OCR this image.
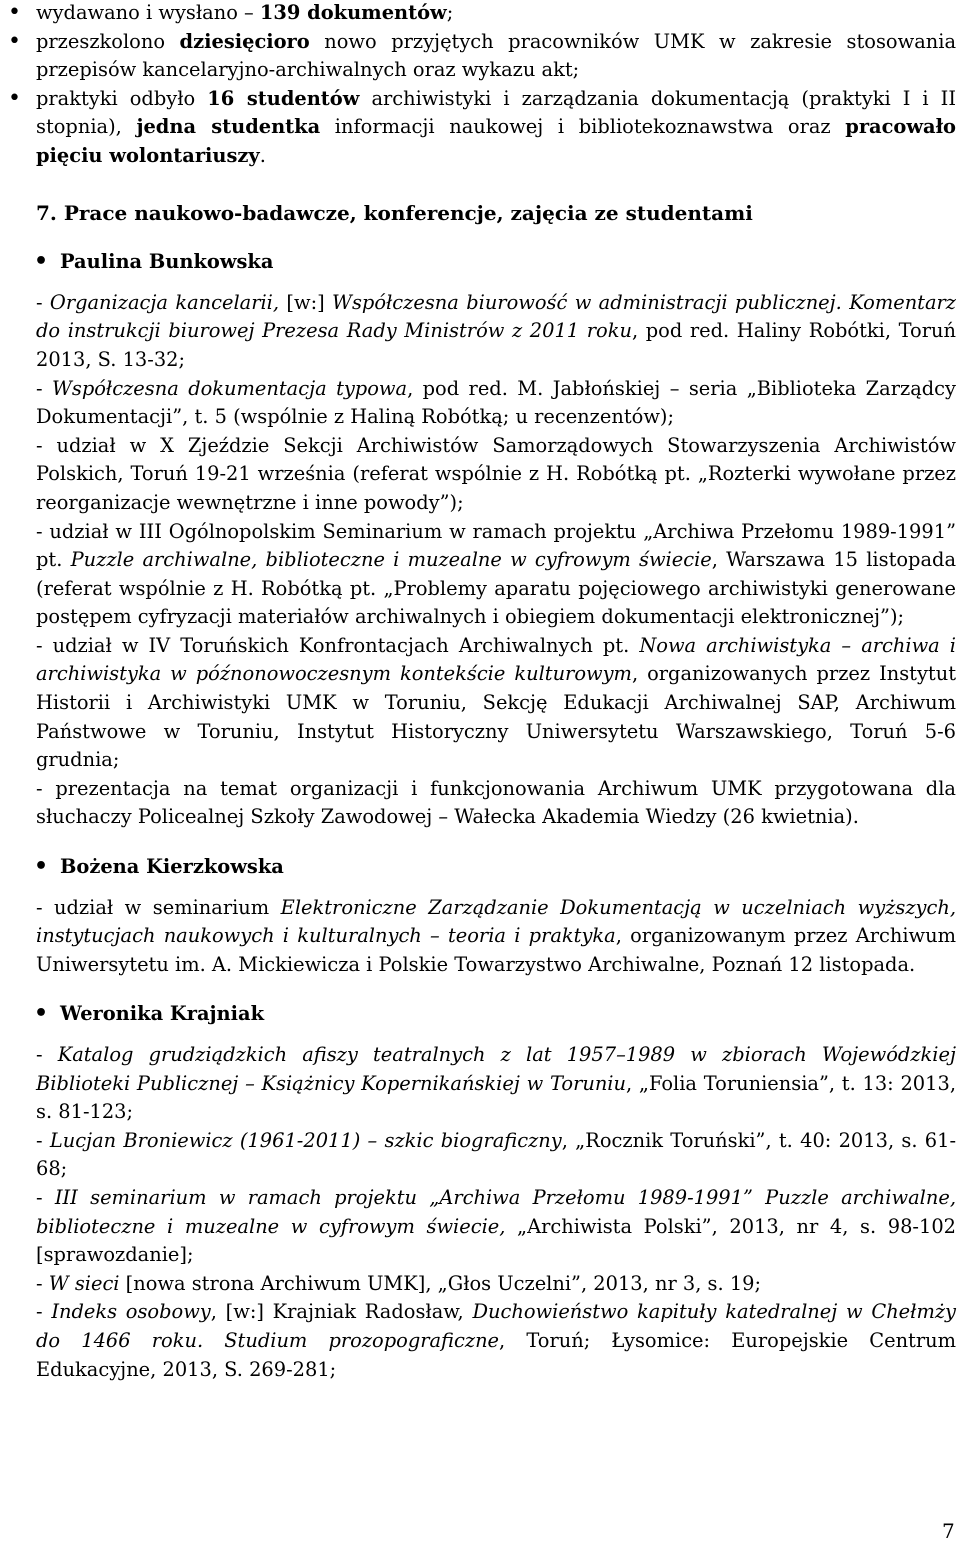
• wydawano i wysłano – 139 dokumentów;
• przeszkolono dziesięcioro nowo przyjętych pracowników UMK w zakresie stosowania przepisów kancelaryjno-archiwalnych oraz wykazu akt;
• praktyki odbyło 16 studentów archiwistyki i zarządzania dokumentacją (praktyki I i II stopnia), jedna studentka informacji naukowej i bibliotekoznawstwa oraz pracowało pięciu wolontariuszy.
7. Prace naukowo-badawcze, konferencje, zajęcia ze studentami
• Paulina Bunkowska

- Organizacja kancelarii, [w:] Współczesna biurowość w administracji publicznej. Komentarz do instrukcji biurowej Prezesa Rady Ministrów z 2011 roku, pod red. Haliny Robótki, Toruń 2013, S. 13-32;

- Współczesna dokumentacja typowa, pod red. M. Jabłońskiej – seria „Biblioteka Zarządcy Dokumentacji”, t. 5 (wspólnie z Haliną Robótką; u recenzentów);

- udział w X Zjeździe Sekcji Archiwistów Samorządowych Stowarzyszenia Archiwistów Polskich, Toruń 19-21 września (referat wspólnie z H. Robótką pt. „Rozterki wywołane przez reorganizacje wewnętrzne i inne powody”);

- udział w III Ogólnopolskim Seminarium w ramach projektu „Archiwa Przełomu 1989-1991” pt. Puzzle archiwalne, biblioteczne i muzealne w cyfrowym świecie, Warszawa 15 listopada (referat wspólnie z H. Robótką pt. „Problemy aparatu pojęciowego archiwistyki generowane postępem cyfryzacji materiałów archiwalnych i obiegiem dokumentacji elektronicznej”);

- udział w IV Toruńskich Konfrontacjach Archiwalnych pt. Nowa archiwistyka – archiwa i archiwistyka w późnonowoczesnym kontekście kulturowym, organizowanych przez Instytut Historii i Archiwistyki UMK w Toruniu, Sekcję Edukacji Archiwalnej SAP, Archiwum Państwowe w Toruniu, Instytut Historyczny Uniwersytetu Warszawskiego, Toruń 5-6 grudnia;

- prezentacja na temat organizacji i funkcjonowania Archiwum UMK przygotowana dla słuchaczy Policealnej Szkoły Zawodowej – Wałecka Akademia Wiedzy (26 kwietnia).

• Bożena Kierzkowska

- udział w seminarium Elektroniczne Zarządzanie Dokumentacją w uczelniach wyższych, instytucjach naukowych i kulturalnych – teoria i praktyka, organizowanym przez Archiwum Uniwersytetu im. A. Mickiewicza i Polskie Towarzystwo Archiwalne, Poznań 12 listopada.

• Weronika Krajniak

- Katalog grudziądzkich afiszy teatralnych z lat 1957–1989 w zbiorach Wojewódzkiej Biblioteki Publicznej – Książnicy Kopernikańskiej w Toruniu, „Folia Toruniensia”, t. 13: 2013, s. 81-123;

- Lucjan Broniewicz (1961-2011) – szkic biograficzny, „Rocznik Toruński”, t. 40: 2013, s. 61-68;

- III seminarium w ramach projektu „Archiwa Przełomu 1989-1991” Puzzle archiwalne, biblioteczne i muzealne w cyfrowym świecie, „Archiwista Polski”, 2013, nr 4, s. 98-102 [sprawozdanie];

- W sieci [nowa strona Archiwum UMK], „Głos Uczelni”, 2013, nr 3, s. 19;

- Indeks osobowy, [w:] Krajniak Radosław, Duchowieństwo kapituły katedralnej w Chełmży do 1466 roku. Studium prozopograficzne, Toruń; Łysomice: Europejskie Centrum Edukacyjne, 2013, S. 269-281;

7
